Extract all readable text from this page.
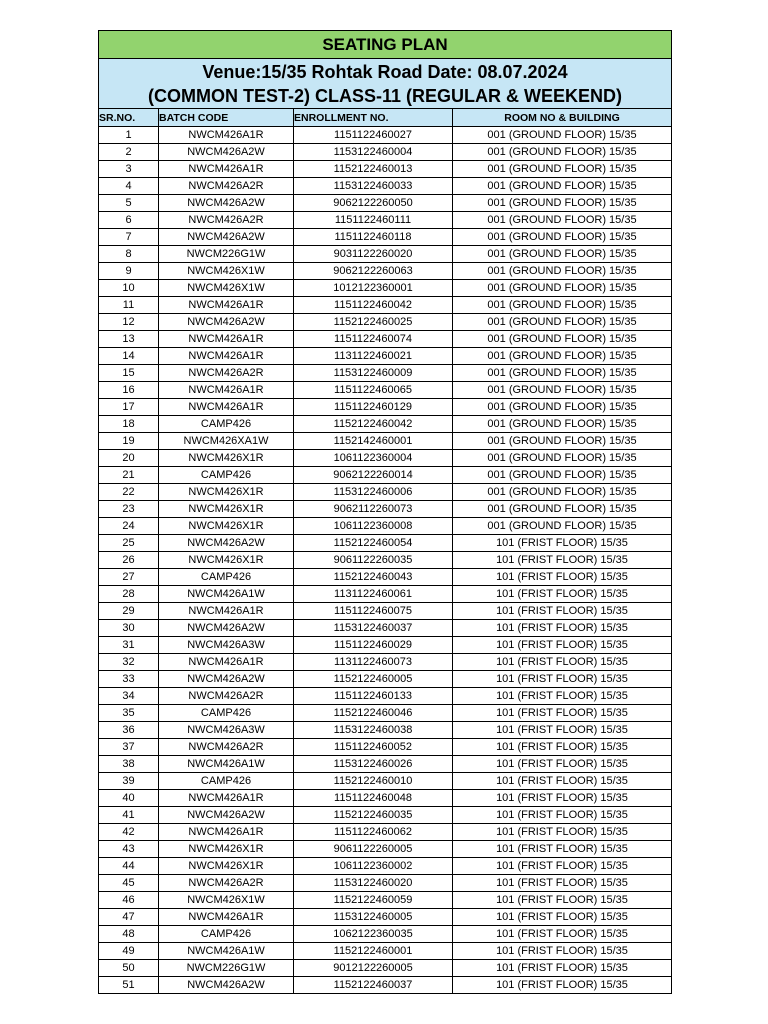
SEATING PLAN			
Venue:15/35 Rohtak Road Date: 08.07.2024			
(COMMON TEST-2) CLASS-11 (REGULAR & WEEKEND)			
SR.NO.	BATCH CODE	ENROLLMENT NO.	ROOM NO & BUILDING
1	NWCM426A1R	1151122460027	001 (GROUND FLOOR) 15/35
2	NWCM426A2W	1153122460004	001 (GROUND FLOOR) 15/35
3	NWCM426A1R	1152122460013	001 (GROUND FLOOR) 15/35
4	NWCM426A2R	1153122460033	001 (GROUND FLOOR) 15/35
5	NWCM426A2W	9062122260050	001 (GROUND FLOOR) 15/35
6	NWCM426A2R	1151122460111	001 (GROUND FLOOR) 15/35
7	NWCM426A2W	1151122460118	001 (GROUND FLOOR) 15/35
8	NWCM226G1W	9031122260020	001 (GROUND FLOOR) 15/35
9	NWCM426X1W	9062122260063	001 (GROUND FLOOR) 15/35
10	NWCM426X1W	1012122360001	001 (GROUND FLOOR) 15/35
11	NWCM426A1R	1151122460042	001 (GROUND FLOOR) 15/35
12	NWCM426A2W	1152122460025	001 (GROUND FLOOR) 15/35
13	NWCM426A1R	1151122460074	001 (GROUND FLOOR) 15/35
14	NWCM426A1R	1131122460021	001 (GROUND FLOOR) 15/35
15	NWCM426A2R	1153122460009	001 (GROUND FLOOR) 15/35
16	NWCM426A1R	1151122460065	001 (GROUND FLOOR) 15/35
17	NWCM426A1R	1151122460129	001 (GROUND FLOOR) 15/35
18	CAMP426	1152122460042	001 (GROUND FLOOR) 15/35
19	NWCM426XA1W	1152142460001	001 (GROUND FLOOR) 15/35
20	NWCM426X1R	1061122360004	001 (GROUND FLOOR) 15/35
21	CAMP426	9062122260014	001 (GROUND FLOOR) 15/35
22	NWCM426X1R	1153122460006	001 (GROUND FLOOR) 15/35
23	NWCM426X1R	9062112260073	001 (GROUND FLOOR) 15/35
24	NWCM426X1R	1061122360008	001 (GROUND FLOOR) 15/35
25	NWCM426A2W	1152122460054	101 (FRIST FLOOR) 15/35
26	NWCM426X1R	9061122260035	101 (FRIST FLOOR) 15/35
27	CAMP426	1152122460043	101 (FRIST FLOOR) 15/35
28	NWCM426A1W	1131122460061	101 (FRIST FLOOR) 15/35
29	NWCM426A1R	1151122460075	101 (FRIST FLOOR) 15/35
30	NWCM426A2W	1153122460037	101 (FRIST FLOOR) 15/35
31	NWCM426A3W	1151122460029	101 (FRIST FLOOR) 15/35
32	NWCM426A1R	1131122460073	101 (FRIST FLOOR) 15/35
33	NWCM426A2W	1152122460005	101 (FRIST FLOOR) 15/35
34	NWCM426A2R	1151122460133	101 (FRIST FLOOR) 15/35
35	CAMP426	1152122460046	101 (FRIST FLOOR) 15/35
36	NWCM426A3W	1153122460038	101 (FRIST FLOOR) 15/35
37	NWCM426A2R	1151122460052	101 (FRIST FLOOR) 15/35
38	NWCM426A1W	1153122460026	101 (FRIST FLOOR) 15/35
39	CAMP426	1152122460010	101 (FRIST FLOOR) 15/35
40	NWCM426A1R	1151122460048	101 (FRIST FLOOR) 15/35
41	NWCM426A2W	1152122460035	101 (FRIST FLOOR) 15/35
42	NWCM426A1R	1151122460062	101 (FRIST FLOOR) 15/35
43	NWCM426X1R	9061122260005	101 (FRIST FLOOR) 15/35
44	NWCM426X1R	1061122360002	101 (FRIST FLOOR) 15/35
45	NWCM426A2R	1153122460020	101 (FRIST FLOOR) 15/35
46	NWCM426X1W	1152122460059	101 (FRIST FLOOR) 15/35
47	NWCM426A1R	1153122460005	101 (FRIST FLOOR) 15/35
48	CAMP426	1062122360035	101 (FRIST FLOOR) 15/35
49	NWCM426A1W	1152122460001	101 (FRIST FLOOR) 15/35
50	NWCM226G1W	9012122260005	101 (FRIST FLOOR) 15/35
51	NWCM426A2W	1152122460037	101 (FRIST FLOOR) 15/35
